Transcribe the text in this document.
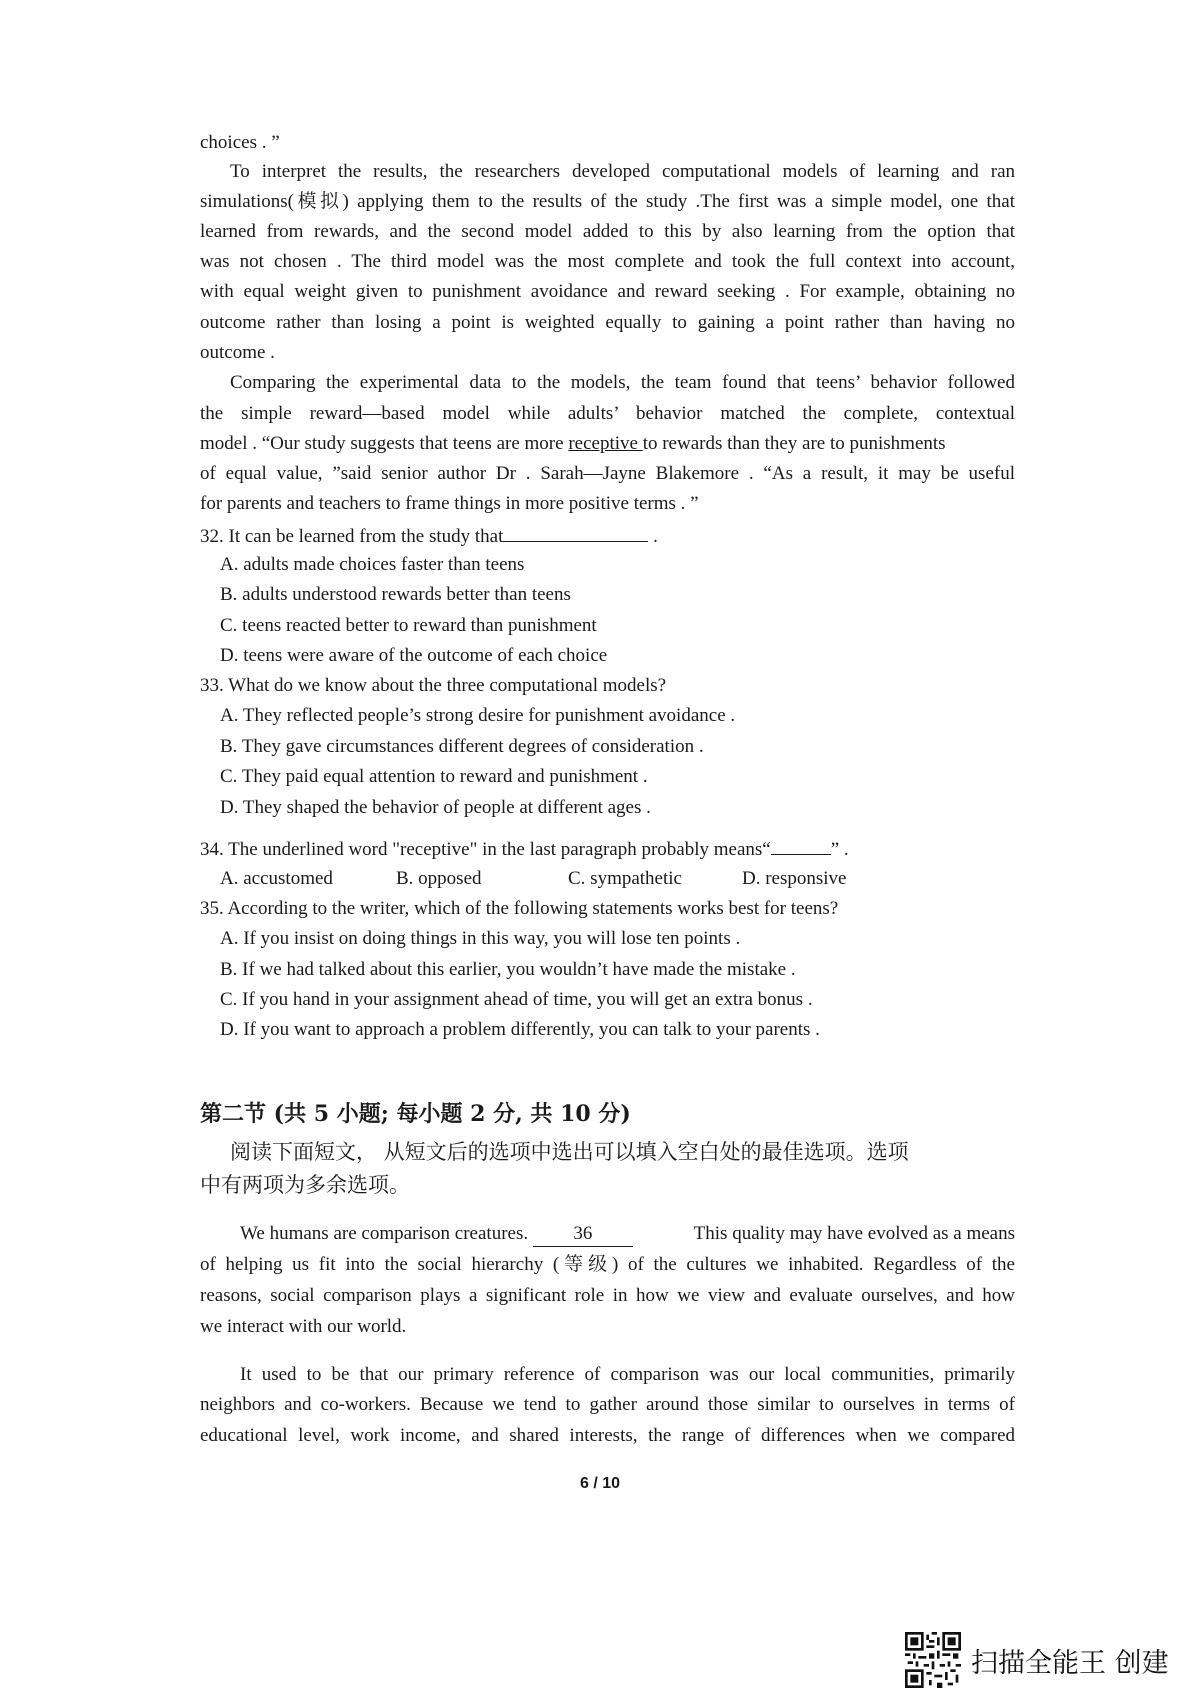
choices . ”
To interpret the results, the researchers developed computational models of learning and ran
simulations(模拟) applying them to the results of the study .The first was a simple model, one that
learned from rewards, and the second model added to this by also learning from the option that
was not chosen . The third model was the most complete and took the full context into account,
with equal weight given to punishment avoidance and reward seeking . For example, obtaining no
outcome rather than losing a point is weighted equally to gaining a point rather than having no
outcome .
Comparing the experimental data to the models, the team found that teens’ behavior followed
the simple reward—based model while adults’ behavior matched the complete, contextual
model . “Our study suggests that teens are more receptive to rewards than they are to punishments
of equal value, ”said senior author Dr . Sarah—Jayne Blakemore . “As a result, it may be useful
for parents and teachers to frame things in more positive terms . ”
32. It can be learned from the study that	.
A. adults made choices faster than teens
B. adults understood rewards better than teens
C. teens reacted better to reward than punishment
D. teens were aware of the outcome of each choice
33. What do we know about the three computational models?
A. They reflected people’s strong desire for punishment avoidance .
B. They gave circumstances different degrees of consideration .
C. They paid equal attention to reward and punishment .
D. They shaped the behavior of people at different ages .
34. The underlined word "receptive" in the last paragraph probably means“	” .
A. accustomed	B. opposed	C. sympathetic	D. responsive
35. According to the writer, which of the following statements works best for teens?
A. If you insist on doing things in this way, you will lose ten points .
B. If we had talked about this earlier, you wouldn’t have made the mistake .
C. If you hand in your assignment ahead of time, you will get an extra bonus .
D. If you want to approach a problem differently, you can talk to your parents .
第二节 (共 5 小题; 每小题 2 分, 共 10 分)
阅读下面短文， 从短文后的选项中选出可以填入空白处的最佳选项。选项
中有两项为多余选项。
We humans are comparison creatures. 36	This quality may have evolved as a means
of helping us fit into the social hierarchy (等级) of the cultures we inhabited. Regardless of the
reasons, social comparison plays a significant role in how we view and evaluate ourselves, and how
we interact with our world.
It used to be that our primary reference of comparison was our local communities, primarily
neighbors and co-workers. Because we tend to gather around those similar to ourselves in terms of
educational level, work income, and shared interests, the range of differences when we compared
6 / 10
扫描全能王 创建
